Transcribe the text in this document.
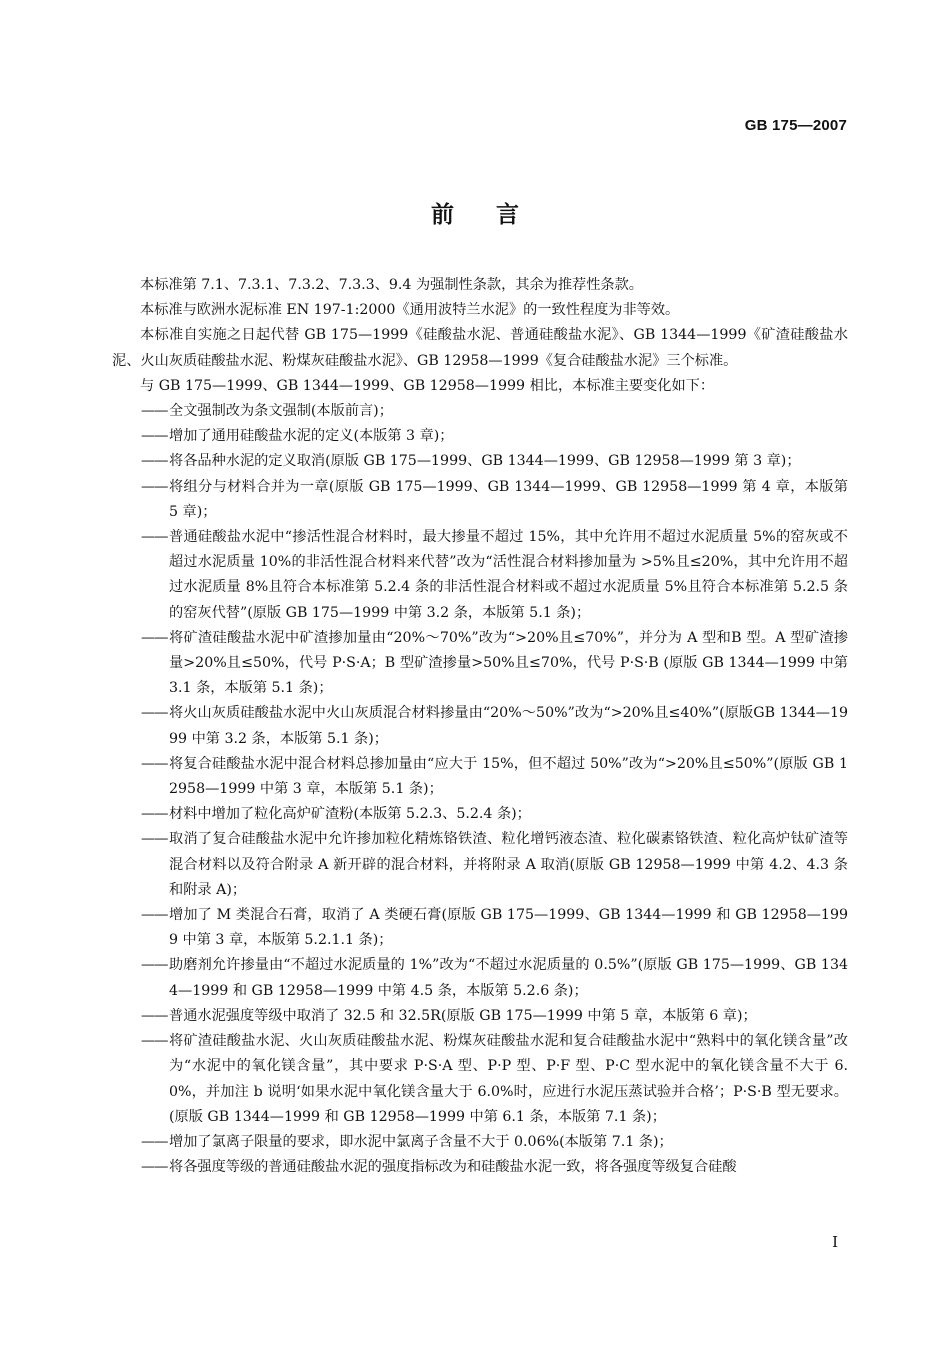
GB 175—2007
前言

本标准第 7.1、7.3.1、7.3.2、7.3.3、9.4 为强制性条款，其余为推荐性条款。

本标准与欧洲水泥标准 EN 197-1:2000《通用波特兰水泥》的一致性程度为非等效。

本标准自实施之日起代替 GB 175—1999《硅酸盐水泥、普通硅酸盐水泥》、GB 1344—1999《矿渣硅酸盐水泥、火山灰质硅酸盐水泥、粉煤灰硅酸盐水泥》、GB 12958—1999《复合硅酸盐水泥》三个标准。

与 GB 175—1999、GB 1344—1999、GB 12958—1999 相比，本标准主要变化如下：

—— 全文强制改为条文强制(本版前言)；
—— 增加了通用硅酸盐水泥的定义(本版第 3 章)；
—— 将各品种水泥的定义取消(原版 GB 175—1999、GB 1344—1999、GB 12958—1999 第 3 章)；
—— 将组分与材料合并为一章(原版 GB 175—1999、GB 1344—1999、GB 12958—1999 第 4 章，本版第 5 章)；
—— 普通硅酸盐水泥中“掺活性混合材料时，最大掺量不超过 15%，其中允许用不超过水泥质量 5%的窑灰或不超过水泥质量 10%的非活性混合材料来代替”改为“活性混合材料掺加量为 >5%且≤20%，其中允许用不超过水泥质量 8%且符合本标准第 5.2.4 条的非活性混合材料或不超过水泥质量 5%且符合本标准第 5.2.5 条的窑灰代替”(原版 GB 175—1999 中第 3.2 条，本版第 5.1 条)；
—— 将矿渣硅酸盐水泥中矿渣掺加量由“20%～70%”改为“>20%且≤70%”，并分为 A 型和B 型。A 型矿渣掺量>20%且≤50%，代号 P·S·A；B 型矿渣掺量>50%且≤70%，代号 P·S·B (原版 GB 1344—1999 中第 3.1 条，本版第 5.1 条)；
—— 将火山灰质硅酸盐水泥中火山灰质混合材料掺量由“20%～50%”改为“>20%且≤40%”(原版GB 1344—1999 中第 3.2 条，本版第 5.1 条)；
—— 将复合硅酸盐水泥中混合材料总掺加量由“应大于 15%，但不超过 50%”改为“>20%且≤50%”(原版 GB 12958—1999 中第 3 章，本版第 5.1 条)；
—— 材料中增加了粒化高炉矿渣粉(本版第 5.2.3、5.2.4 条)；
—— 取消了复合硅酸盐水泥中允许掺加粒化精炼铬铁渣、粒化增钙液态渣、粒化碳素铬铁渣、粒化高炉钛矿渣等混合材料以及符合附录 A 新开辟的混合材料，并将附录 A 取消(原版 GB 12958—1999 中第 4.2、4.3 条和附录 A)；
—— 增加了 M 类混合石膏，取消了 A 类硬石膏(原版 GB 175—1999、GB 1344—1999 和 GB 12958—1999 中第 3 章，本版第 5.2.1.1 条)；
—— 助磨剂允许掺量由“不超过水泥质量的 1%”改为“不超过水泥质量的 0.5%”(原版 GB 175—1999、GB 1344—1999 和 GB 12958—1999 中第 4.5 条，本版第 5.2.6 条)；
—— 普通水泥强度等级中取消了 32.5 和 32.5R(原版 GB 175—1999 中第 5 章，本版第 6 章)；
—— 将矿渣硅酸盐水泥、火山灰质硅酸盐水泥、粉煤灰硅酸盐水泥和复合硅酸盐水泥中“熟料中的氧化镁含量”改为“水泥中的氧化镁含量”，其中要求 P·S·A 型、P·P 型、P·F 型、P·C 型水泥中的氧化镁含量不大于 6.0%，并加注 b 说明‘如果水泥中氧化镁含量大于 6.0%时，应进行水泥压蒸试验并合格’；P·S·B 型无要求。(原版 GB 1344—1999 和 GB 12958—1999 中第 6.1 条，本版第 7.1 条)；
—— 增加了氯离子限量的要求，即水泥中氯离子含量不大于 0.06%(本版第 7.1 条)；
—— 将各强度等级的普通硅酸盐水泥的强度指标改为和硅酸盐水泥一致，将各强度等级复合硅酸
I
